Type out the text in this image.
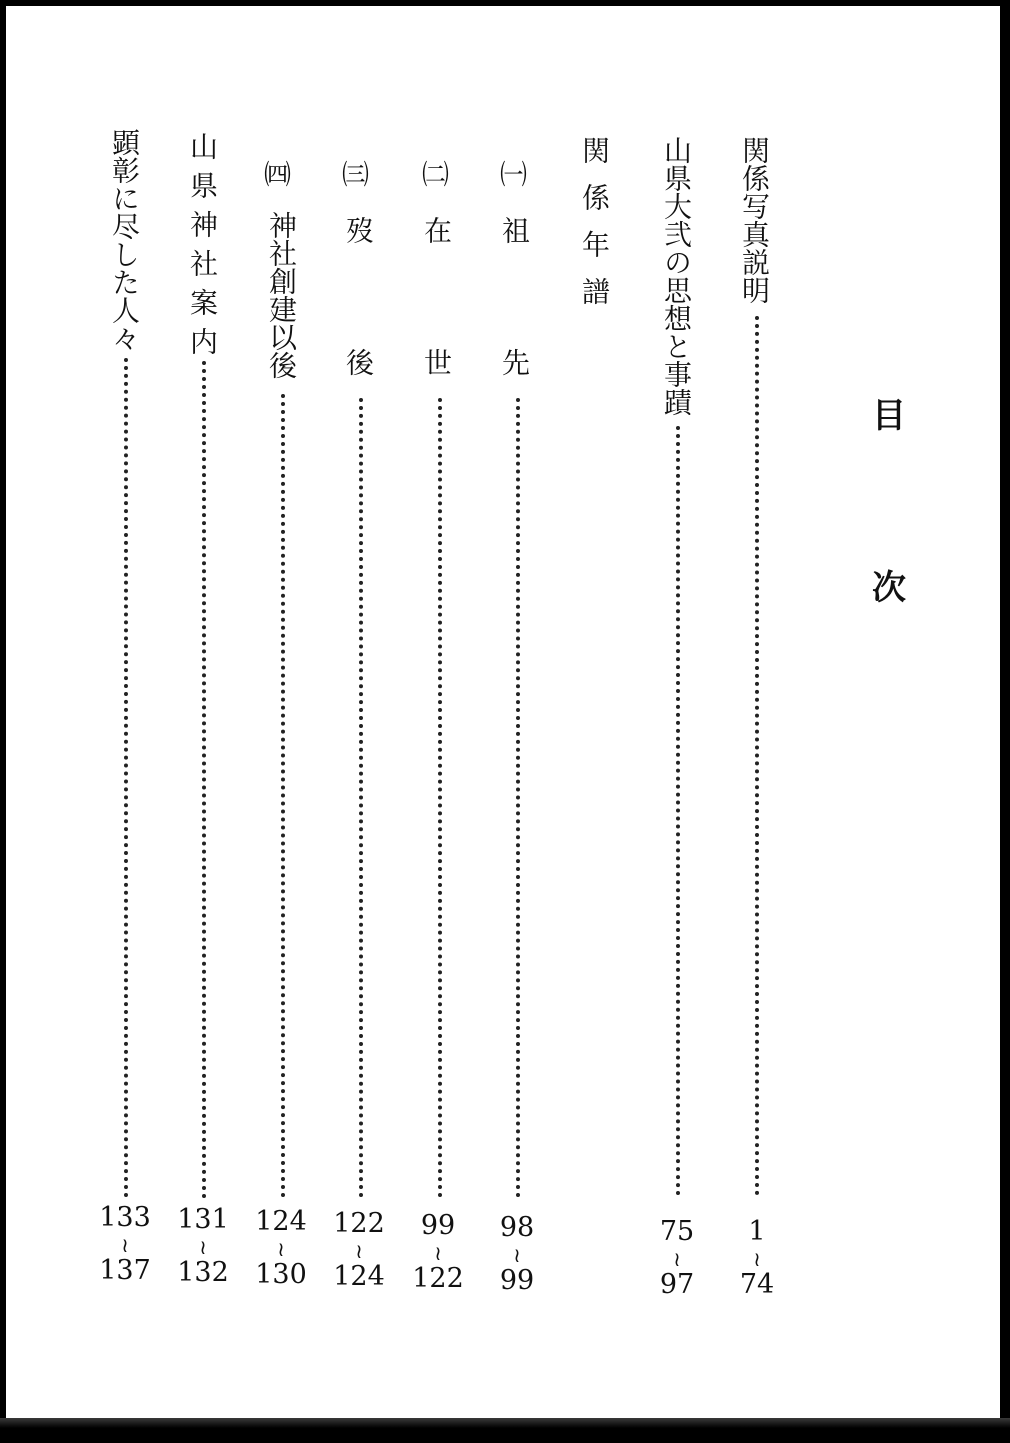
目
次
関係写真説明
1
≀
74
山県大弐の思想と事蹟
75
≀
97
関係年譜
㈠
祖先
98
≀
99
㈡
在世
99
≀
122
㈢
歿後
122
≀
124
㈣
神社創建以後
124
≀
130
山県神社案内
131
≀
132
顕彰に尽した人々
133
≀
137
